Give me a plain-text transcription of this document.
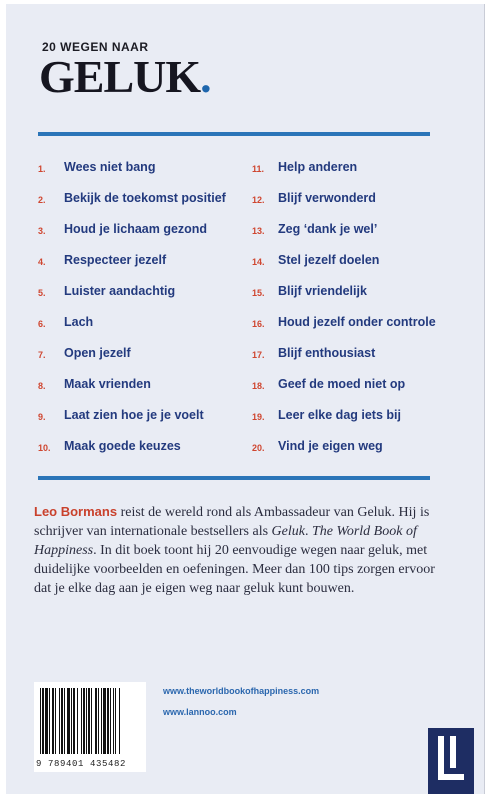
20 WEGEN NAAR
GELUK.
1.	Wees niet bang
2.	Bekijk de toekomst positief
3.	Houd je lichaam gezond
4.	Respecteer jezelf
5.	Luister aandachtig
6.	Lach
7.	Open jezelf
8.	Maak vrienden
9.	Laat zien hoe je je voelt
10.	Maak goede keuzes
11.	Help anderen
12.	Blijf verwonderd
13.	Zeg ‘dank je wel’
14.	Stel jezelf doelen
15.	Blijf vriendelijk
16.	Houd jezelf onder controle
17.	Blijf enthousiast
18.	Geef de moed niet op
19.	Leer elke dag iets bij
20.	Vind je eigen weg

Leo Bormans reist de wereld rond als Ambassadeur van Geluk. Hij is schrijver van internationale bestsellers als Geluk. The World Book of Happiness. In dit boek toont hij 20 eenvoudige wegen naar geluk, met duidelijke voorbeelden en oefeningen. Meer dan 100 tips zorgen ervoor dat je elke dag aan je eigen weg naar geluk kunt bouwen.

9 789401 435482
www.theworldbookofhappiness.com
www.lannoo.com
